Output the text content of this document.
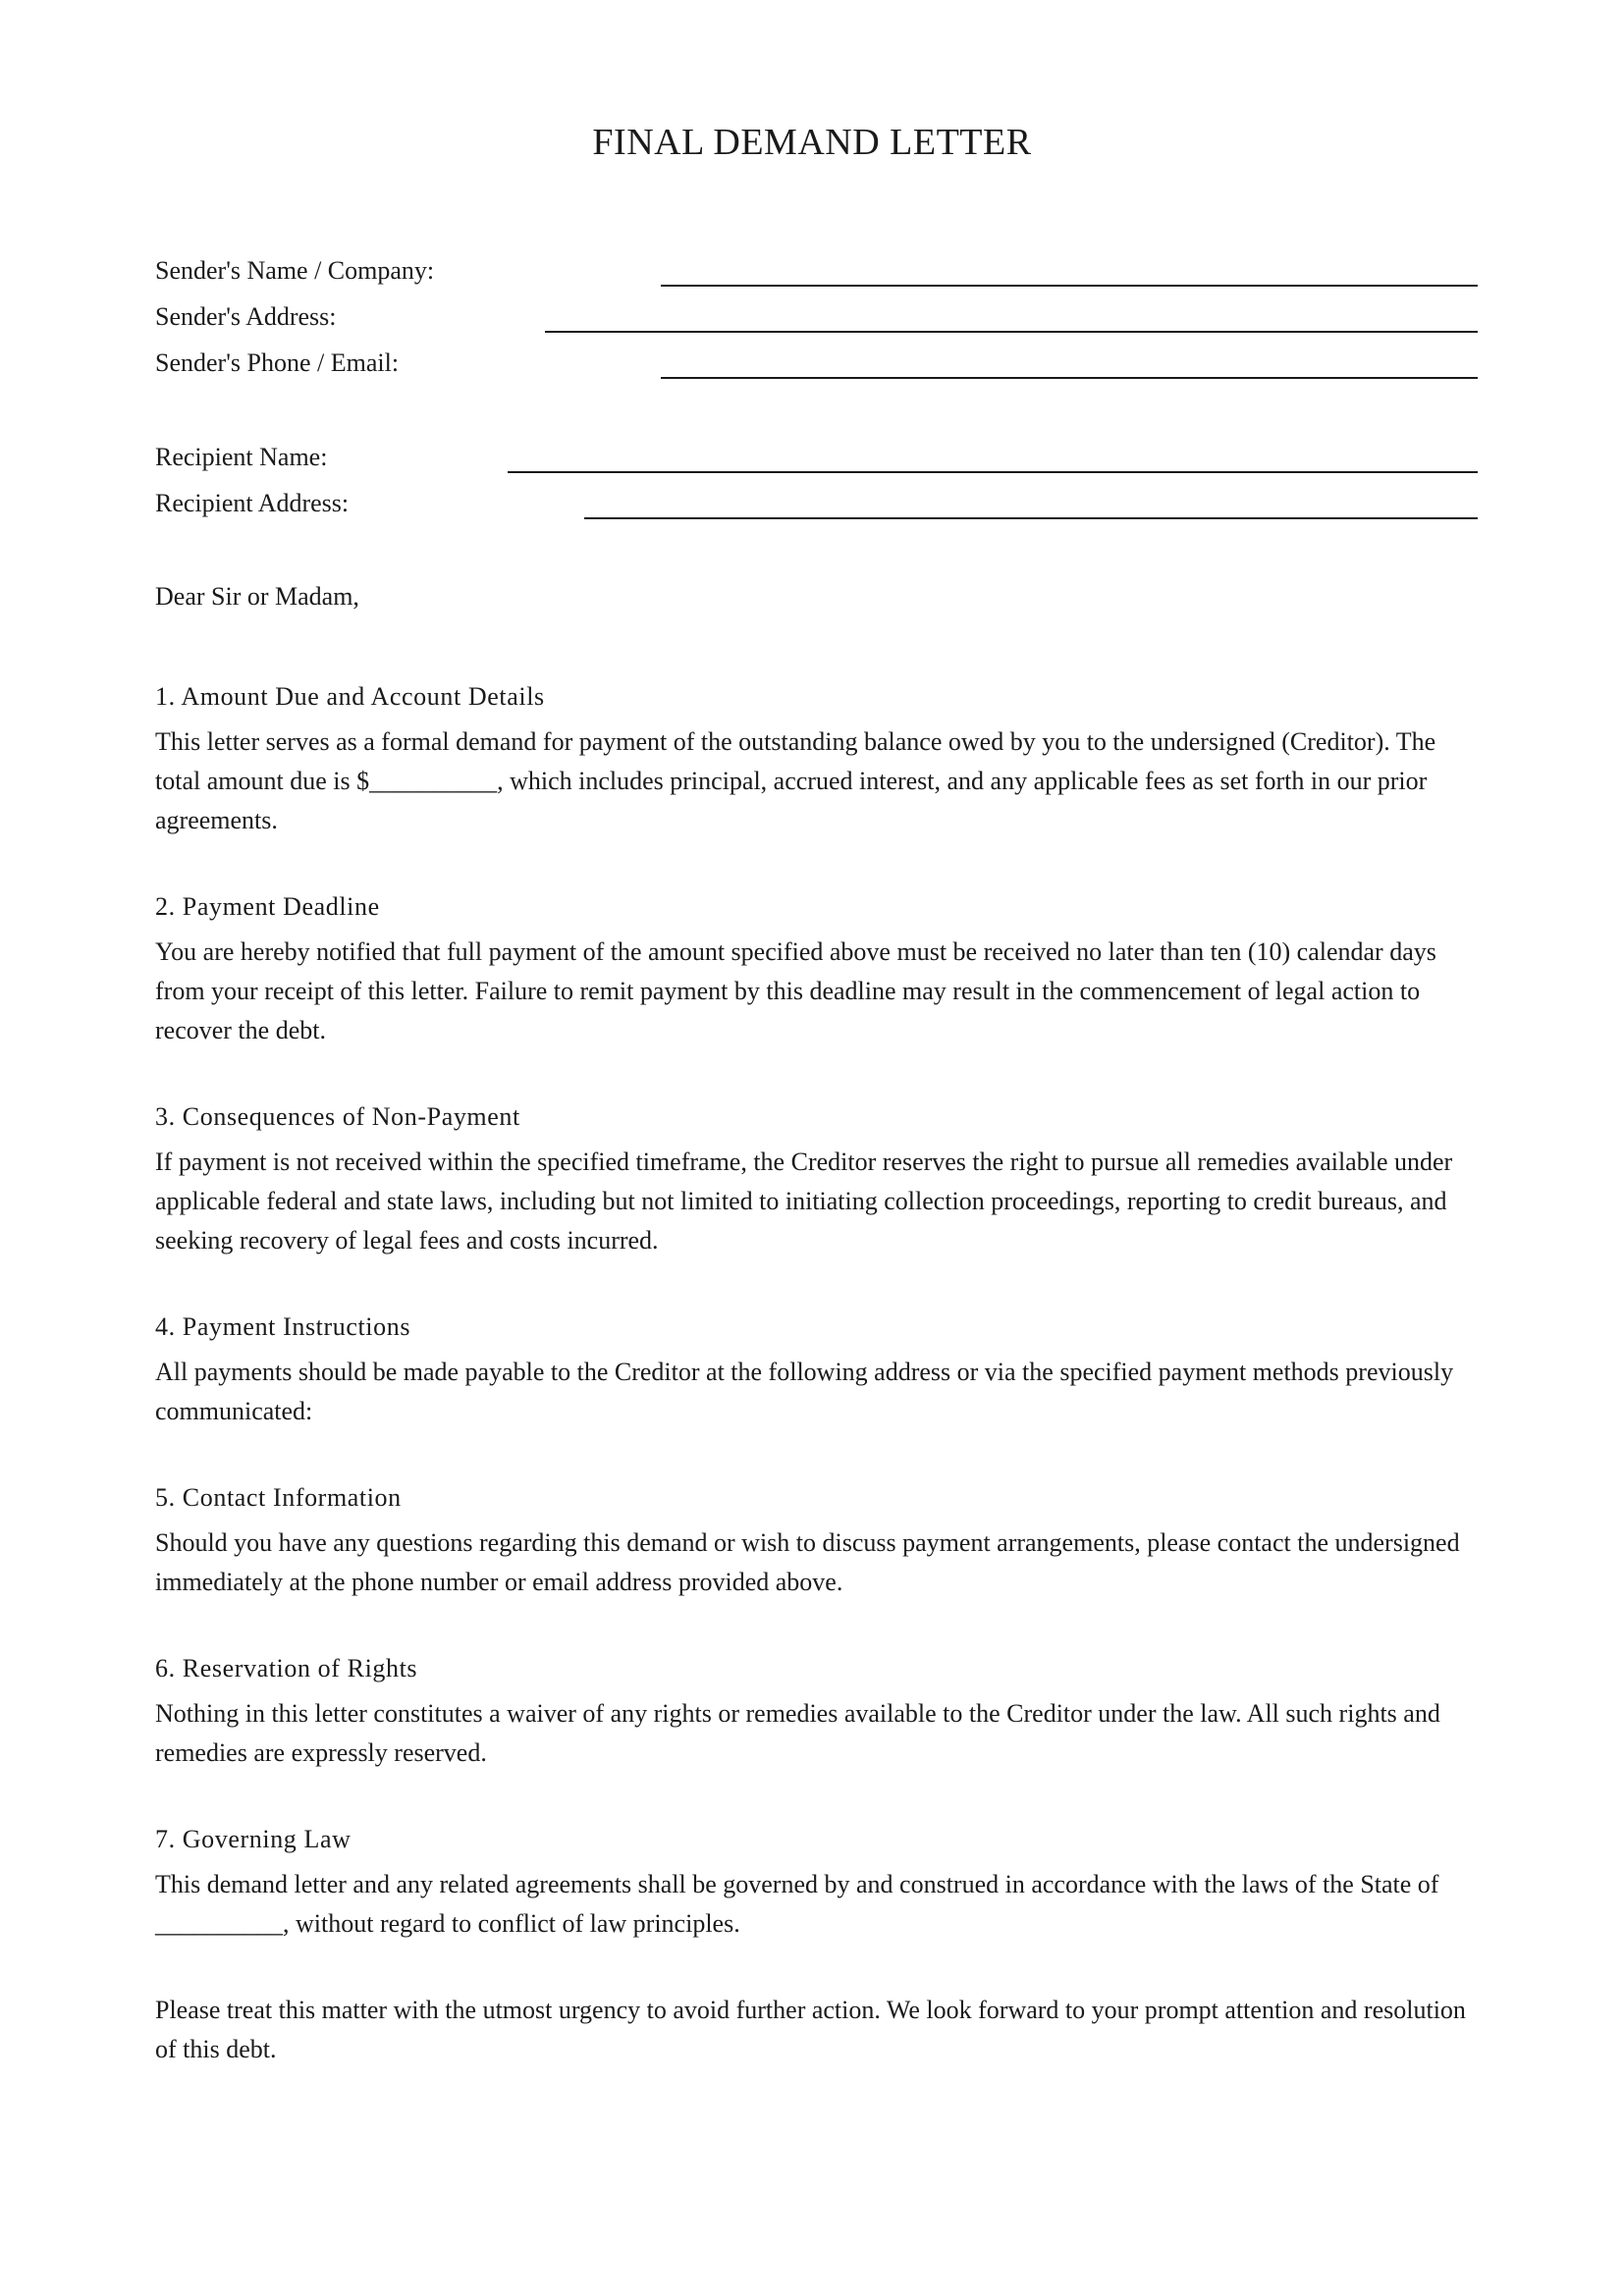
FINAL DEMAND LETTER
Sender's Name / Company:
Sender's Address:
Sender's Phone / Email:
Recipient Name:
Recipient Address:
Dear Sir or Madam,
1. Amount Due and Account Details

This letter serves as a formal demand for payment of the outstanding balance owed by you to the undersigned (Creditor). The total amount due is $__________, which includes principal, accrued interest, and any applicable fees as set forth in our prior agreements.

2. Payment Deadline

You are hereby notified that full payment of the amount specified above must be received no later than ten (10) calendar days from your receipt of this letter. Failure to remit payment by this deadline may result in the commencement of legal action to recover the debt.

3. Consequences of Non-Payment

If payment is not received within the specified timeframe, the Creditor reserves the right to pursue all remedies available under applicable federal and state laws, including but not limited to initiating collection proceedings, reporting to credit bureaus, and seeking recovery of legal fees and costs incurred.

4. Payment Instructions

All payments should be made payable to the Creditor at the following address or via the specified payment methods previously communicated:

5. Contact Information

Should you have any questions regarding this demand or wish to discuss payment arrangements, please contact the undersigned immediately at the phone number or email address provided above.

6. Reservation of Rights

Nothing in this letter constitutes a waiver of any rights or remedies available to the Creditor under the law. All such rights and remedies are expressly reserved.

7. Governing Law

This demand letter and any related agreements shall be governed by and construed in accordance with the laws of the State of __________, without regard to conflict of law principles.

Please treat this matter with the utmost urgency to avoid further action. We look forward to your prompt attention and resolution of this debt.
